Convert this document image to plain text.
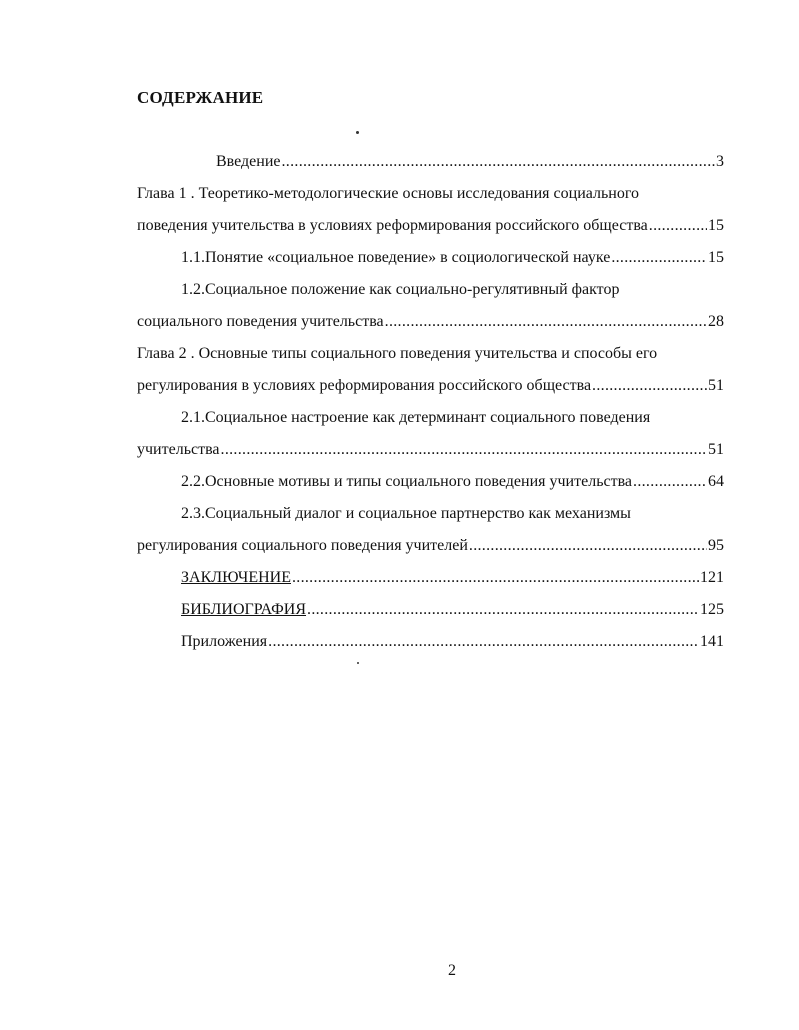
СОДЕРЖАНИЕ
Введение .....	3
Глава 1 . Теоретико-методологические основы исследования социального
поведения учительства в условиях реформирования российского общества .....	15
1.1.Понятие «социальное поведение» в социологической науке .....	15
1.2.Социальное положение как социально-регулятивный фактор
социального поведения учительства .....	28
Глава 2 . Основные типы социального поведения учительства и способы его
регулирования в условиях реформирования российского общества .....	51
2.1.Социальное настроение как детерминант социального поведения
учительства .....	51
2.2.Основные мотивы и типы социального поведения учительства .....	64
2.3.Социальный диалог и социальное партнерство как механизмы
регулирования социального поведения учителей .....	95
ЗАКЛЮЧЕНИЕ .....	121
БИБЛИОГРАФИЯ .....	125
Приложения .....	141
2
